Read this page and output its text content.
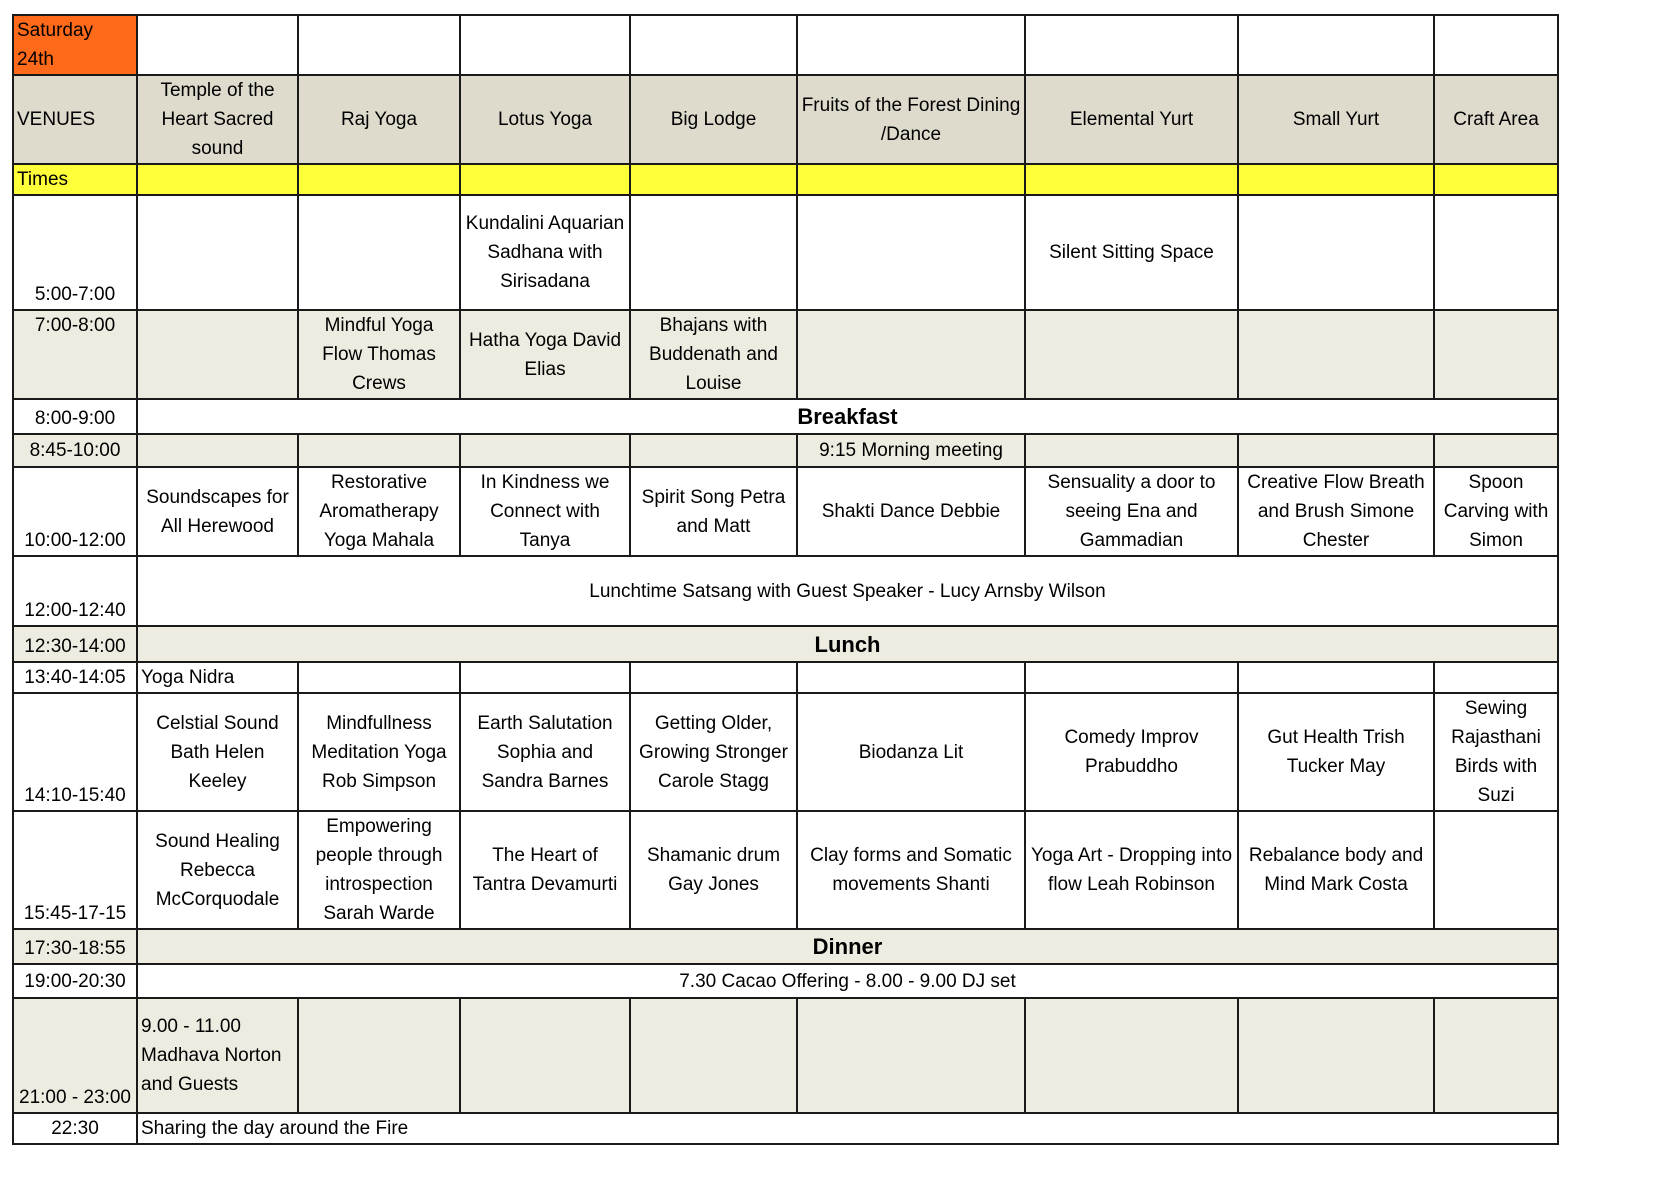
Saturday 24th								
VENUES	Temple of the Heart Sacred sound	Raj Yoga	Lotus Yoga	Big Lodge	Fruits of the Forest Dining /Dance	Elemental Yurt	Small Yurt	Craft Area
Times								
5:00-7:00			Kundalini Aquarian Sadhana with Sirisadana			Silent Sitting Space		
7:00-8:00		Mindful Yoga Flow Thomas Crews	Hatha Yoga David Elias	Bhajans with Buddenath and Louise				
8:00-9:00	Breakfast							
8:45-10:00					9:15 Morning meeting			
10:00-12:00	Soundscapes for All Herewood	Restorative Aromatherapy Yoga Mahala	In Kindness we Connect with Tanya	Spirit Song Petra and Matt	Shakti Dance Debbie	Sensuality a door to seeing Ena and Gammadian	Creative Flow Breath and Brush Simone Chester	Spoon Carving with Simon
12:00-12:40	Lunchtime Satsang with Guest Speaker - Lucy Arnsby Wilson							
12:30-14:00	Lunch							
13:40-14:05	Yoga Nidra							
14:10-15:40	Celstial Sound Bath Helen Keeley	Mindfullness Meditation Yoga Rob Simpson	Earth Salutation Sophia and Sandra Barnes	Getting Older, Growing Stronger Carole Stagg	Biodanza Lit	Comedy Improv Prabuddho	Gut Health Trish Tucker May	Sewing Rajasthani Birds with Suzi
15:45-17-15	Sound Healing Rebecca McCorquodale	Empowering people through introspection Sarah Warde	The Heart of Tantra Devamurti	Shamanic drum Gay Jones	Clay forms and Somatic movements Shanti	Yoga Art - Dropping into flow Leah Robinson	Rebalance body and Mind Mark Costa	
17:30-18:55	Dinner							
19:00-20:30	7.30 Cacao Offering - 8.00 - 9.00 DJ set							
21:00 - 23:00	9.00 - 11.00 Madhava Norton and Guests							
22:30	Sharing the day around the Fire							
